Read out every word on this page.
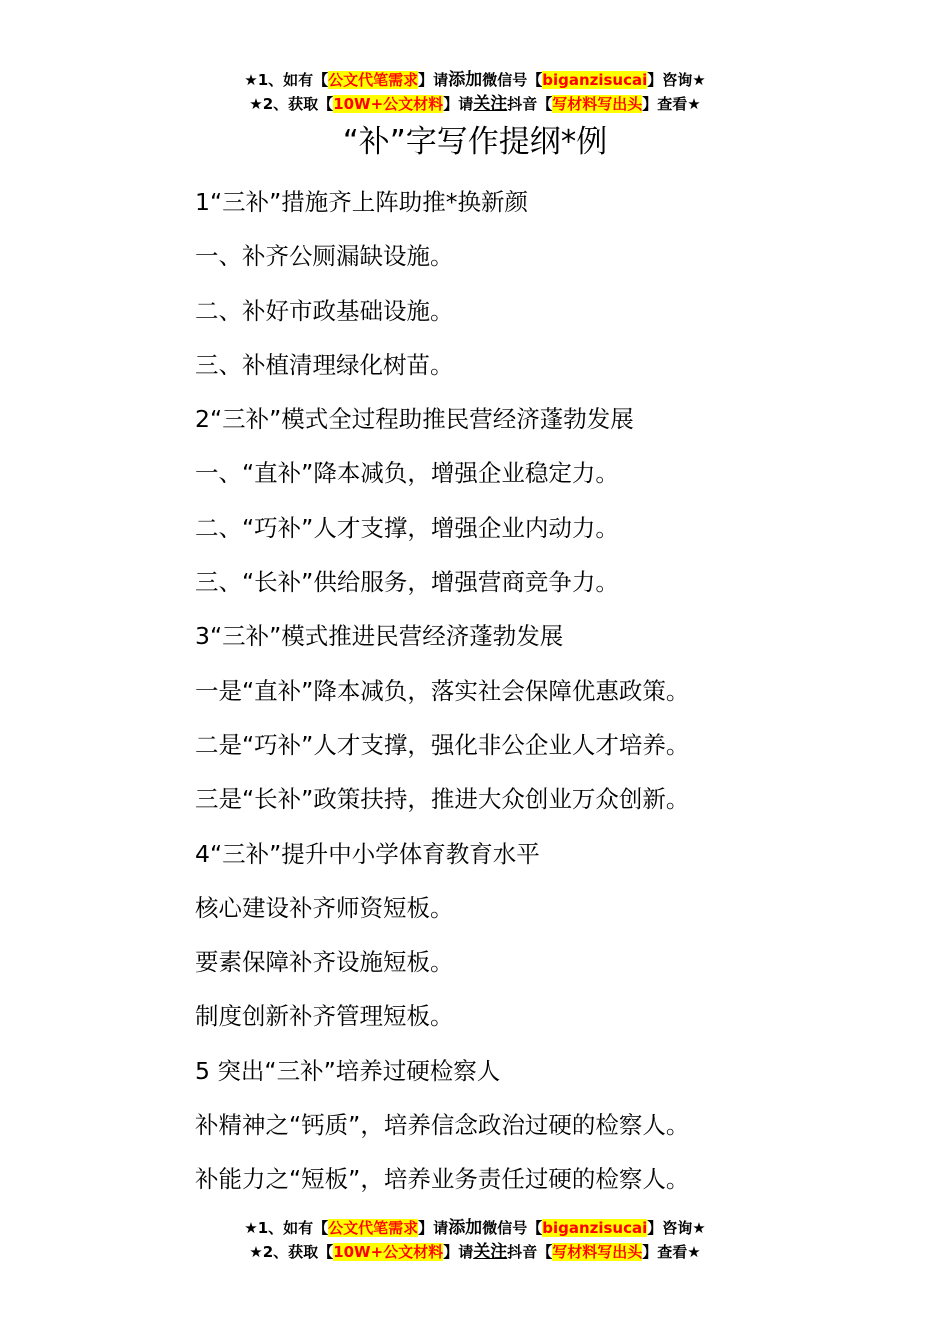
★1、如有【公文代笔需求】请添加微信号【biganzisucai】咨询★
★2、获取【10W+公文材料】请关注抖音【写材料写出头】查看★
“补”字写作提纲*例
1“三补”措施齐上阵助推*换新颜
一、补齐公厕漏缺设施。
二、补好市政基础设施。
三、补植清理绿化树苗。
2“三补”模式全过程助推民营经济蓬勃发展
一、“直补”降本减负，增强企业稳定力。
二、“巧补”人才支撑，增强企业内动力。
三、“长补”供给服务，增强营商竞争力。
3“三补”模式推进民营经济蓬勃发展
一是“直补”降本减负，落实社会保障优惠政策。
二是“巧补”人才支撑，强化非公企业人才培养。
三是“长补”政策扶持，推进大众创业万众创新。
4“三补”提升中小学体育教育水平
核心建设补齐师资短板。
要素保障补齐设施短板。
制度创新补齐管理短板。
5 突出“三补”培养过硬检察人
补精神之“钙质”，培养信念政治过硬的检察人。
补能力之“短板”，培养业务责任过硬的检察人。
★1、如有【公文代笔需求】请添加微信号【biganzisucai】咨询★
★2、获取【10W+公文材料】请关注抖音【写材料写出头】查看★
